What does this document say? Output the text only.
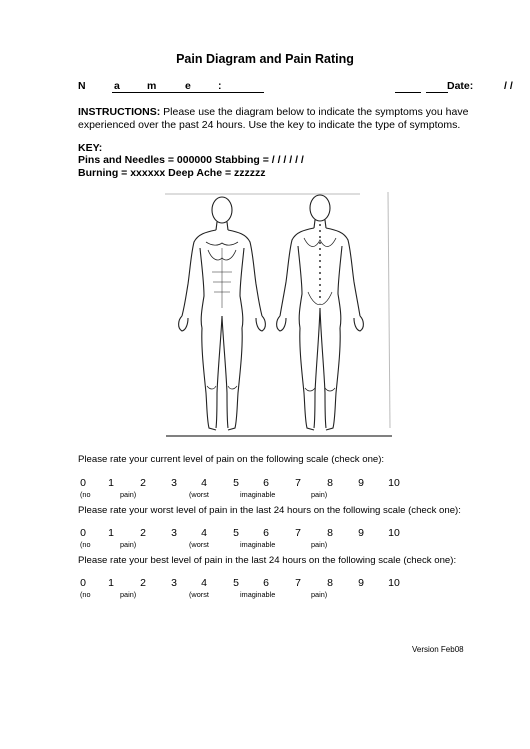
Pain Diagram and Pain Rating
N	a	m	e	:	Date:	/ /
INSTRUCTIONS: Please use the diagram below to indicate the symptoms you have experienced over the past 24 hours. Use the key to indicate the type of symptoms.
KEY:
Pins and Needles = 000000 Stabbing = / / / / / /
Burning = xxxxxx Deep Ache = zzzzzz
Please rate your current level of pain on the following scale (check one):
0	1	2	3	4	5	6	7	8	9	10
(no	pain)	(worst	imaginable	pain)
Please rate your worst level of pain in the last 24 hours on the following scale (check one):
0	1	2	3	4	5	6	7	8	9	10
(no	pain)	(worst	imaginable	pain)
Please rate your best level of pain in the last 24 hours on the following scale (check one):
0	1	2	3	4	5	6	7	8	9	10
(no	pain)	(worst	imaginable	pain)
Version Feb08
